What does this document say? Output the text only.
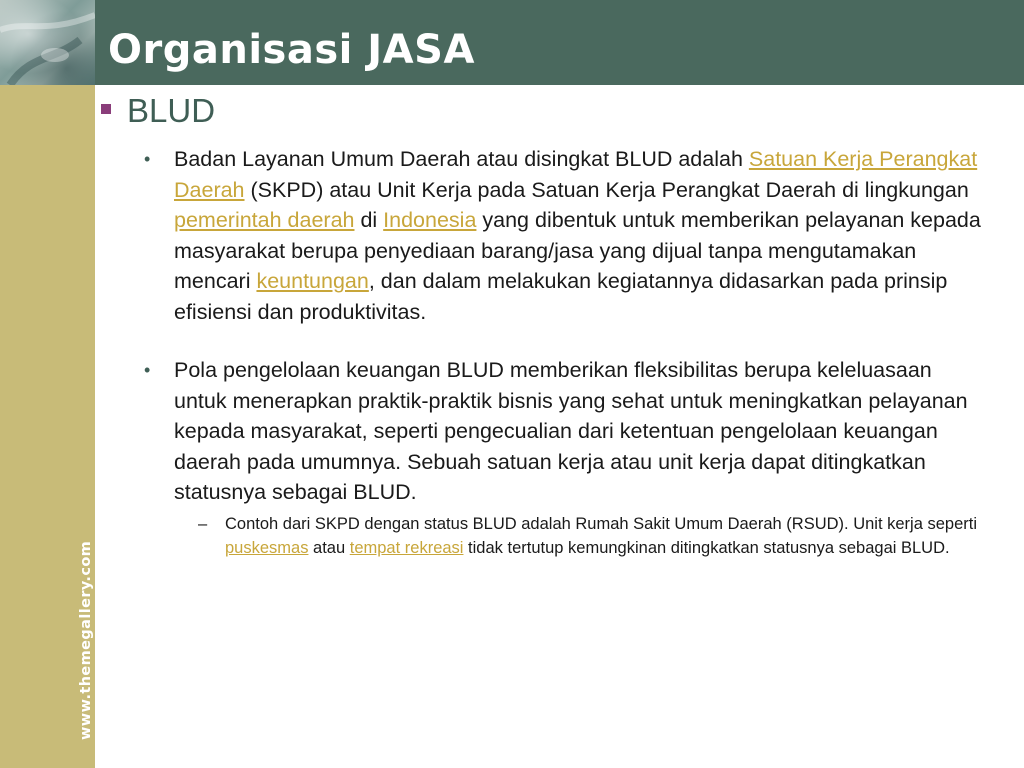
Organisasi JASA
www.themegallery.com
BLUD
• Badan Layanan Umum Daerah atau disingkat BLUD adalah Satuan Kerja Perangkat Daerah (SKPD) atau Unit Kerja pada Satuan Kerja Perangkat Daerah di lingkungan pemerintah daerah di Indonesia yang dibentuk untuk memberikan pelayanan kepada masyarakat berupa penyediaan barang/jasa yang dijual tanpa mengutamakan mencari keuntungan, dan dalam melakukan kegiatannya didasarkan pada prinsip efisiensi dan produktivitas.
• Pola pengelolaan keuangan BLUD memberikan fleksibilitas berupa keleluasaan untuk menerapkan praktik-praktik bisnis yang sehat untuk meningkatkan pelayanan kepada masyarakat, seperti pengecualian dari ketentuan pengelolaan keuangan daerah pada umumnya. Sebuah satuan kerja atau unit kerja dapat ditingkatkan statusnya sebagai BLUD.
– Contoh dari SKPD dengan status BLUD adalah Rumah Sakit Umum Daerah (RSUD). Unit kerja seperti puskesmas atau tempat rekreasi tidak tertutup kemungkinan ditingkatkan statusnya sebagai BLUD.
